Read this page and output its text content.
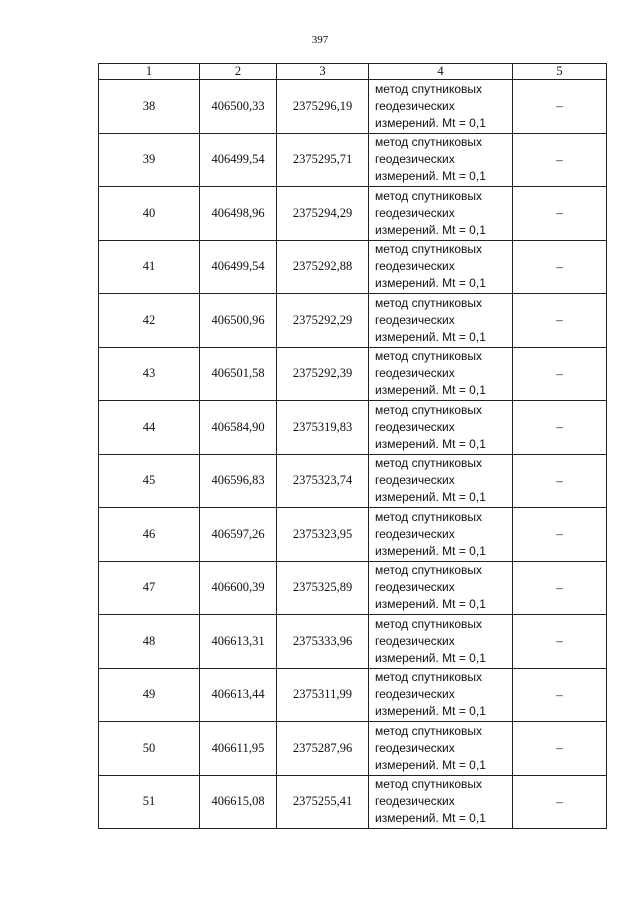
397
1	2	3	4	5
38	406500,33	2375296,19	метод спутниковых
геодезических
измерений. Mt = 0,1	–
39	406499,54	2375295,71	метод спутниковых
геодезических
измерений. Mt = 0,1	–
40	406498,96	2375294,29	метод спутниковых
геодезических
измерений. Mt = 0,1	–
41	406499,54	2375292,88	метод спутниковых
геодезических
измерений. Mt = 0,1	–
42	406500,96	2375292,29	метод спутниковых
геодезических
измерений. Mt = 0,1	–
43	406501,58	2375292,39	метод спутниковых
геодезических
измерений. Mt = 0,1	–
44	406584,90	2375319,83	метод спутниковых
геодезических
измерений. Mt = 0,1	–
45	406596,83	2375323,74	метод спутниковых
геодезических
измерений. Mt = 0,1	–
46	406597,26	2375323,95	метод спутниковых
геодезических
измерений. Mt = 0,1	–
47	406600,39	2375325,89	метод спутниковых
геодезических
измерений. Mt = 0,1	–
48	406613,31	2375333,96	метод спутниковых
геодезических
измерений. Mt = 0,1	–
49	406613,44	2375311,99	метод спутниковых
геодезических
измерений. Mt = 0,1	–
50	406611,95	2375287,96	метод спутниковых
геодезических
измерений. Mt = 0,1	–
51	406615,08	2375255,41	метод спутниковых
геодезических
измерений. Mt = 0,1	–
